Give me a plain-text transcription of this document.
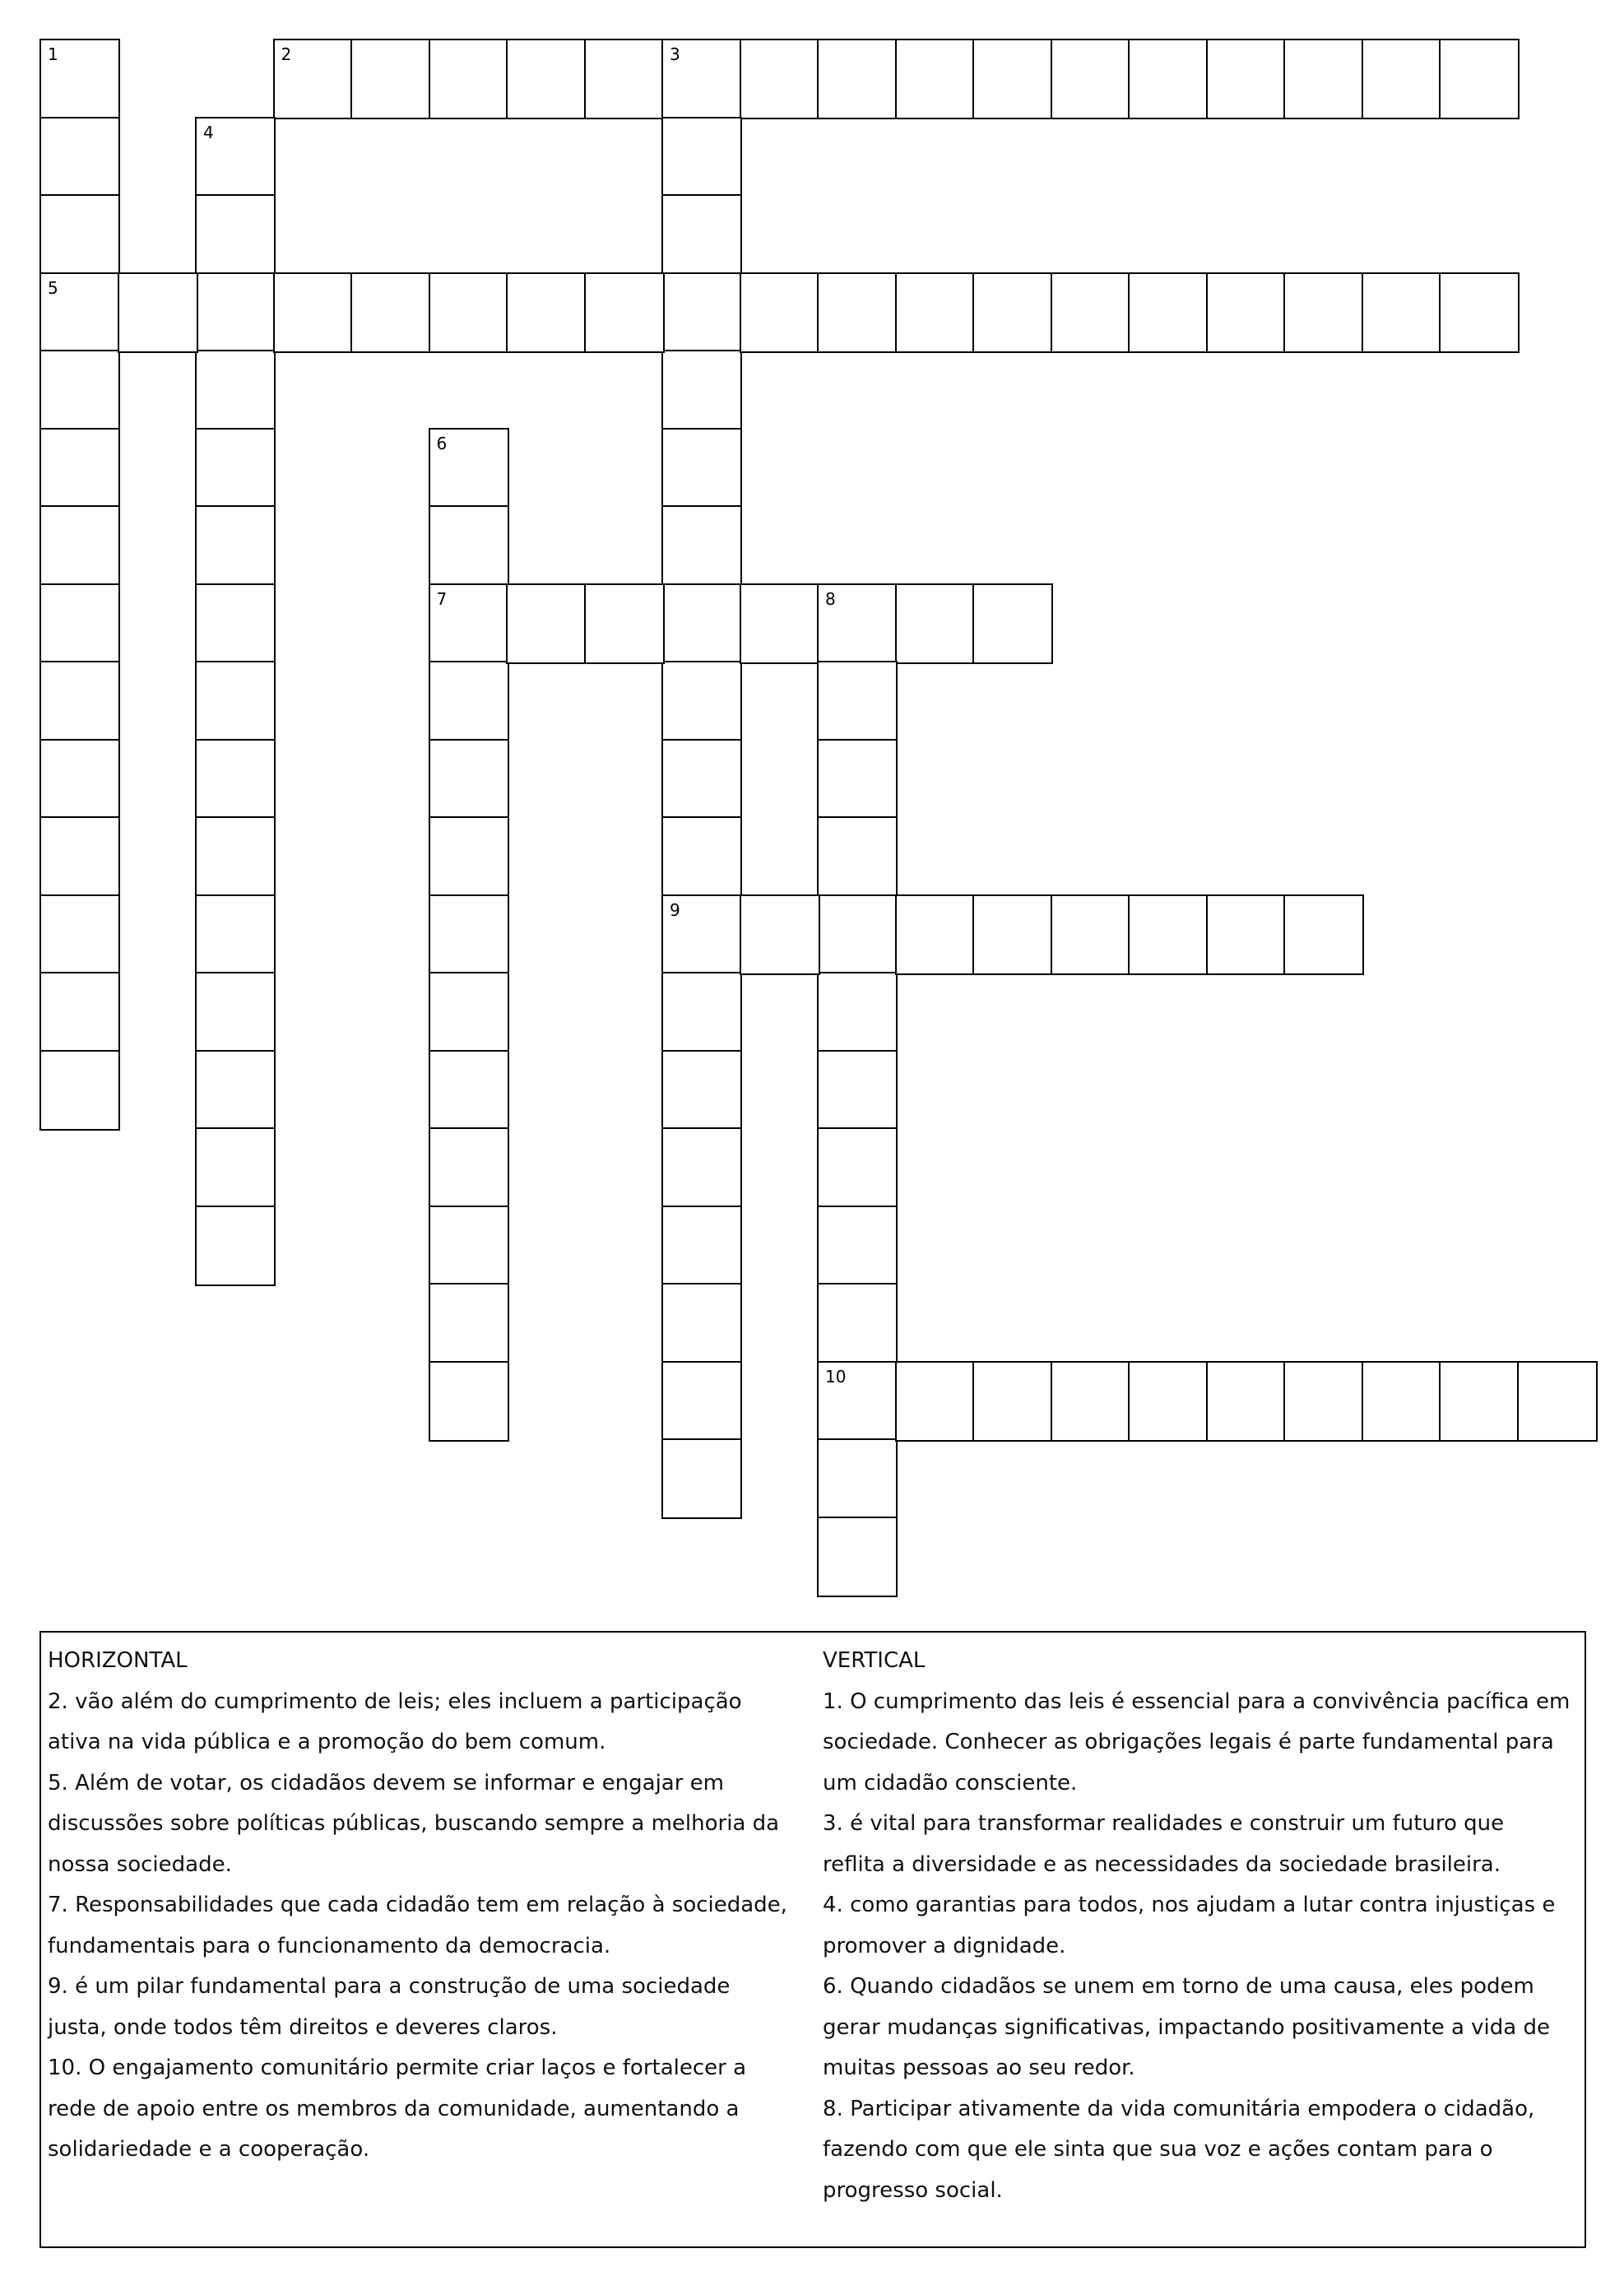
1
5
2	3
9
4
6
7	8
10
HORIZONTAL
2. vão além do cumprimento de leis; eles incluem a participação
ativa na vida pública e a promoção do bem comum.
5. Além de votar, os cidadãos devem se informar e engajar em
discussões sobre políticas públicas, buscando sempre a melhoria da
nossa sociedade.
7. Responsabilidades que cada cidadão tem em relação à sociedade,
fundamentais para o funcionamento da democracia.
9. é um pilar fundamental para a construção de uma sociedade
justa, onde todos têm direitos e deveres claros.
10. O engajamento comunitário permite criar laços e fortalecer a
rede de apoio entre os membros da comunidade, aumentando a
solidariedade e a cooperação.
VERTICAL
1. O cumprimento das leis é essencial para a convivência pacífica em
sociedade. Conhecer as obrigações legais é parte fundamental para
um cidadão consciente.
3. é vital para transformar realidades e construir um futuro que
reflita a diversidade e as necessidades da sociedade brasileira.
4. como garantias para todos, nos ajudam a lutar contra injustiças e
promover a dignidade.
6. Quando cidadãos se unem em torno de uma causa, eles podem
gerar mudanças significativas, impactando positivamente a vida de
muitas pessoas ao seu redor.
8. Participar ativamente da vida comunitária empodera o cidadão,
fazendo com que ele sinta que sua voz e ações contam para o
progresso social.
